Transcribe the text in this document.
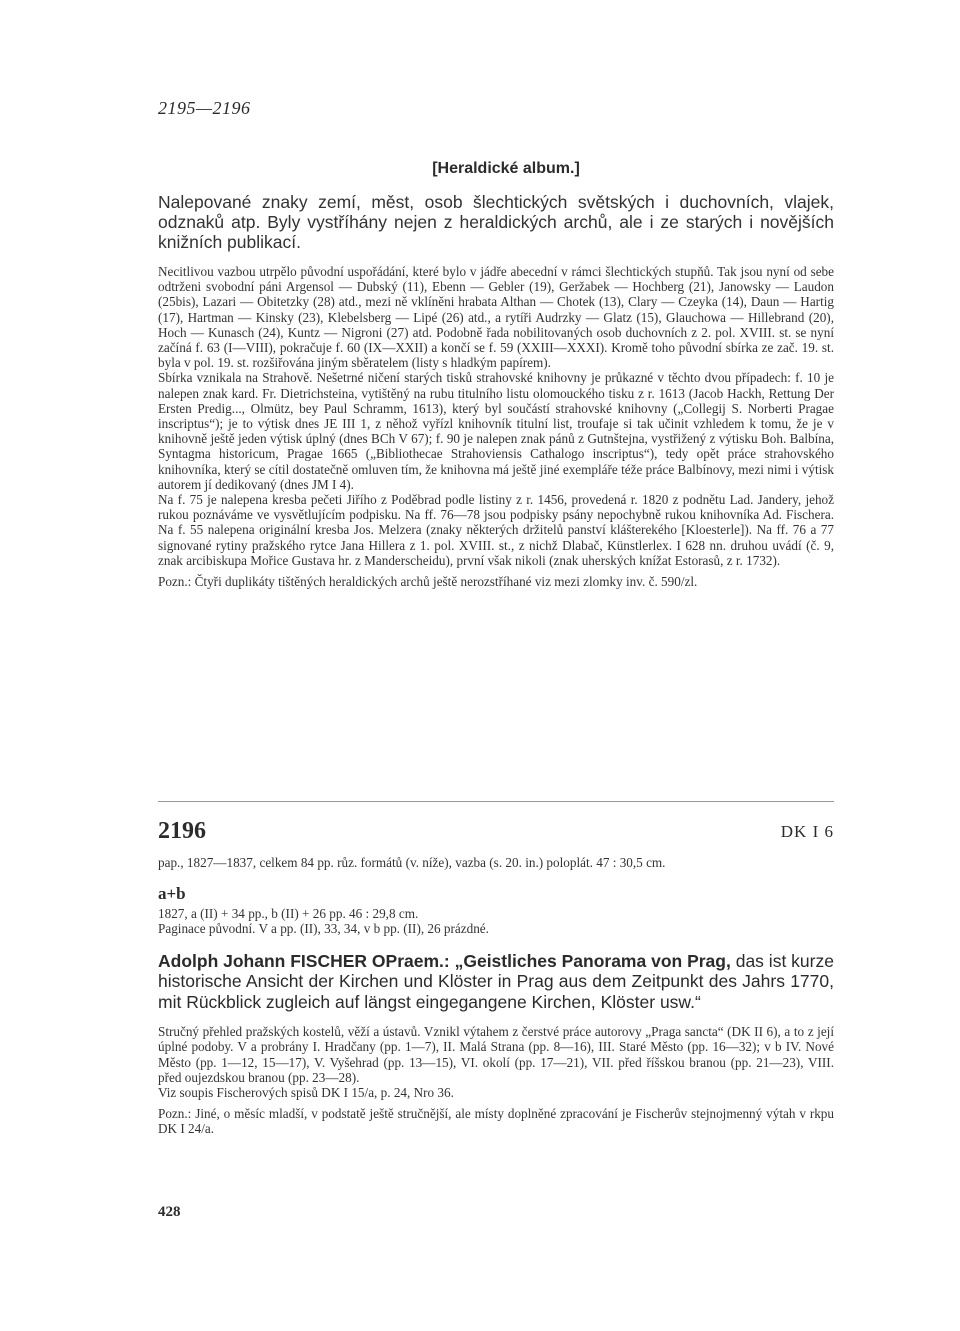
2195—2196
[Heraldické album.]

Nalepované znaky zemí, měst, osob šlechtických světských i duchovních, vlajek, odznaků atp. Byly vystříhány nejen z heraldických archů, ale i ze starých i novějších knižních publikací.

Necitlivou vazbou utrpělo původní uspořádání, které bylo v jádře abecední v rámci šlechtických stupňů. Tak jsou nyní od sebe odtrženi svobodní páni Argensol — Dubský (11), Ebenn — Gebler (19), Geržabek — Hochberg (21), Janowsky — Laudon (25bis), Lazari — Obitetzky (28) atd., mezi ně vklíněni hrabata Althan — Chotek (13), Clary — Czeyka (14), Daun — Hartig (17), Hartman — Kinsky (23), Klebelsberg — Lipé (26) atd., a rytíři Audrzky — Glatz (15), Glauchowa — Hillebrand (20), Hoch — Kunasch (24), Kuntz — Nigroni (27) atd. Podobně řada nobilitovaných osob duchovních z 2. pol. XVIII. st. se nyní začíná f. 63 (I—VIII), pokračuje f. 60 (IX—XXII) a končí se f. 59 (XXIII—XXXI). Kromě toho původní sbírka ze zač. 19. st. byla v pol. 19. st. rozšiřována jiným sběratelem (listy s hladkým papírem).

Sbírka vznikala na Strahově. Nešetrné ničení starých tisků strahovské knihovny je průkazné v těchto dvou případech: f. 10 je nalepen znak kard. Fr. Dietrichsteina, vytištěný na rubu titulního listu olomouckého tisku z r. 1613 (Jacob Hackh, Rettung Der Ersten Predig..., Olmütz, bey Paul Schramm, 1613), který byl součástí strahovské knihovny („Collegij S. Norberti Pragae inscriptus“); je to výtisk dnes JE III 1, z něhož vyřízl knihovník titulní list, troufaje si tak učinit vzhledem k tomu, že je v knihovně ještě jeden výtisk úplný (dnes BCh V 67); f. 90 je nalepen znak pánů z Gutnštejna, vystřižený z výtisku Boh. Balbína, Syntagma historicum, Pragae 1665 („Bibliothecae Strahoviensis Cathalogo inscriptus“), tedy opět práce strahovského knihovníka, který se cítil dostatečně omluven tím, že knihovna má ještě jiné exempláře téže práce Balbínovy, mezi nimi i výtisk autorem jí dedikovaný (dnes JM I 4).

Na f. 75 je nalepena kresba pečeti Jiřího z Poděbrad podle listiny z r. 1456, provedená r. 1820 z podnětu Lad. Jandery, jehož rukou poznáváme ve vysvětlujícím podpisku. Na ff. 76—78 jsou podpisky psány nepochybně rukou knihovníka Ad. Fischera. Na f. 55 nalepena originální kresba Jos. Melzera (znaky některých držitelů panství klášterekého [Kloesterle]). Na ff. 76 a 77 signované rytiny pražského rytce Jana Hillera z 1. pol. XVIII. st., z nichž Dlabač, Künstlerlex. I 628 nn. druhou uvádí (č. 9, znak arcibiskupa Mořice Gustava hr. z Manderscheidu), první však nikoli (znak uherských knížat Estorasů, z r. 1732).

Pozn.: Čtyři duplikáty tištěných heraldických archů ještě nerozstříhané viz mezi zlomky inv. č. 590/zl.

2196	DK I 6

pap., 1827—1837, celkem 84 pp. růz. formátů (v. níže), vazba (s. 20. in.) poloplát. 47 : 30,5 cm.

a+b

1827, a (II) + 34 pp., b (II) + 26 pp. 46 : 29,8 cm.

Paginace původní. V a pp. (II), 33, 34, v b pp. (II), 26 prázdné.

Adolph Johann FISCHER OPraem.: „Geistliches Panorama von Prag, das ist kurze historische Ansicht der Kirchen und Klöster in Prag aus dem Zeitpunkt des Jahrs 1770, mit Rückblick zugleich auf längst eingegangene Kirchen, Klöster usw.“

Stručný přehled pražských kostelů, věží a ústavů. Vznikl výtahem z čerstvé práce autorovy „Praga sancta“ (DK II 6), a to z její úplné podoby. V a probrány I. Hradčany (pp. 1—7), II. Malá Strana (pp. 8—16), III. Staré Město (pp. 16—32); v b IV. Nové Město (pp. 1—12, 15—17), V. Vyšehrad (pp. 13—15), VI. okolí (pp. 17—21), VII. před říšskou branou (pp. 21—23), VIII. před oujezdskou branou (pp. 23—28).

Viz soupis Fischerových spisů DK I 15/a, p. 24, Nro 36.

Pozn.: Jiné, o měsíc mladší, v podstatě ještě stručnější, ale místy doplněné zpracování je Fischerův stejnojmenný výtah v rkpu DK I 24/a.

428
